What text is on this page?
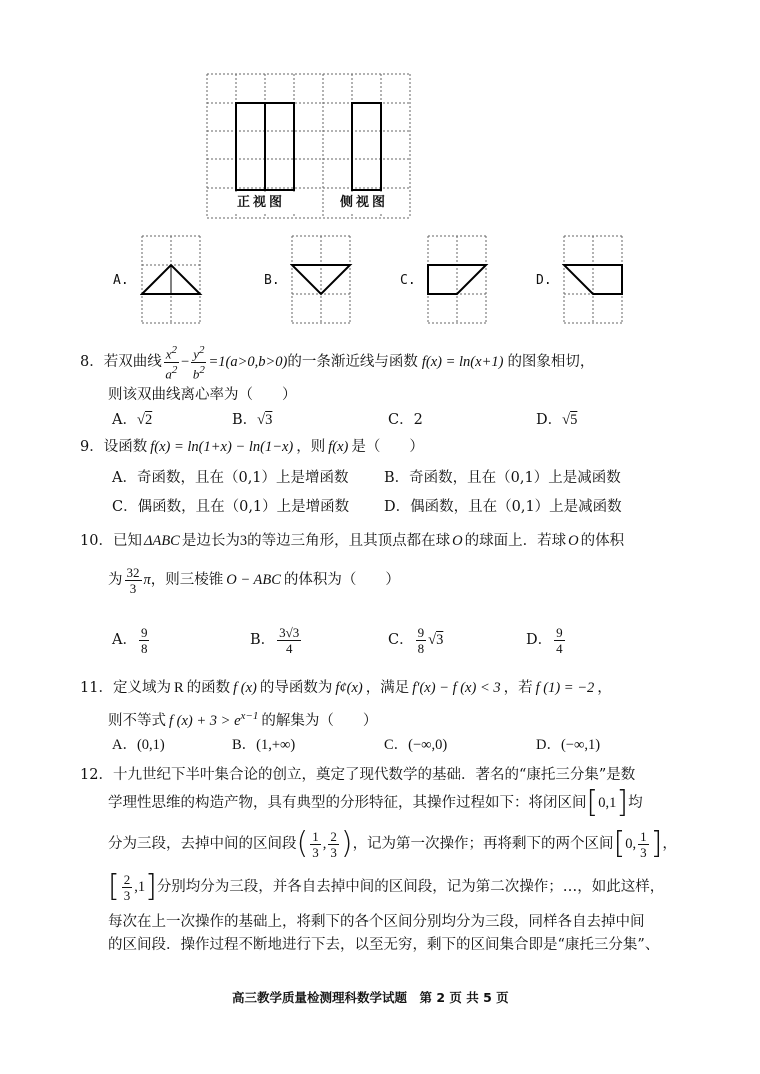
正视图	侧视图
A.	B.	C.	D.
8． 若双曲线 $\frac{x^2}{a^2} - \frac{y^2}{b^2} =1(a>0,b>0)$ 的一条渐近线与函数 f(x) = ln(x+1) 的图象相切，
则该双曲线离心率为（　　）
A．√2	B．√3	C．2	D．√5
9．设函数 f(x) = ln(1+x) − ln(1−x) ，则 f(x) 是（　　）
A．奇函数，且在（0,1）上是增函数 B．奇函数，且在（0,1）上是减函数
C．偶函数，且在（0,1）上是增函数 D．偶函数，且在（0,1）上是减函数
10．已知 ΔABC 是边长为3的等边三角形，且其顶点都在球 O 的球面上．若球 O 的体积
为 $\frac{32}{3}$ π ，则三棱锥 O − ABC 的体积为（　　）
A． $\frac{9}{8}$	B． $\frac{3√3}{4}$	C． $\frac{9}{8} √3$	D． $\frac{9}{4}$
11．定义域为 R 的函数 f (x) 的导函数为 f¢(x) ，满足 f′(x) − f (x) < 3 ，若 f (1) = −2 ，
则不等式 f $(x) + 3 > e^{x-1}$ 的解集为（　　）
A．(0,1)	B．(1,+∞)	C．(−∞,0)	D．(−∞,1)
12．十九世纪下半叶集合论的创立，奠定了现代数学的基础．著名的“康托三分集”是数
学理性思维的构造产物，具有典型的分形特征，其操作过程如下：将闭区间 [ 0,1 ] 均
分为三段，去掉中间的区间段 ( $\frac{1}{3}$ , $\frac{2}{3}$ ) ，记为第一次操作；再将剩下的两个区间 [ 0, $\frac{1}{3}$ ] ，
[ $\frac{2}{3} ,1$ ] 分别均分为三段，并各自去掉中间的区间段，记为第二次操作；…，如此这样，
每次在上一次操作的基础上，将剩下的各个区间分别均分为三段，同样各自去掉中间
的区间段．操作过程不断地进行下去，以至无穷，剩下的区间集合即是“康托三分集”、
高三教学质量检测理科数学试题　第 2 页 共 5 页
